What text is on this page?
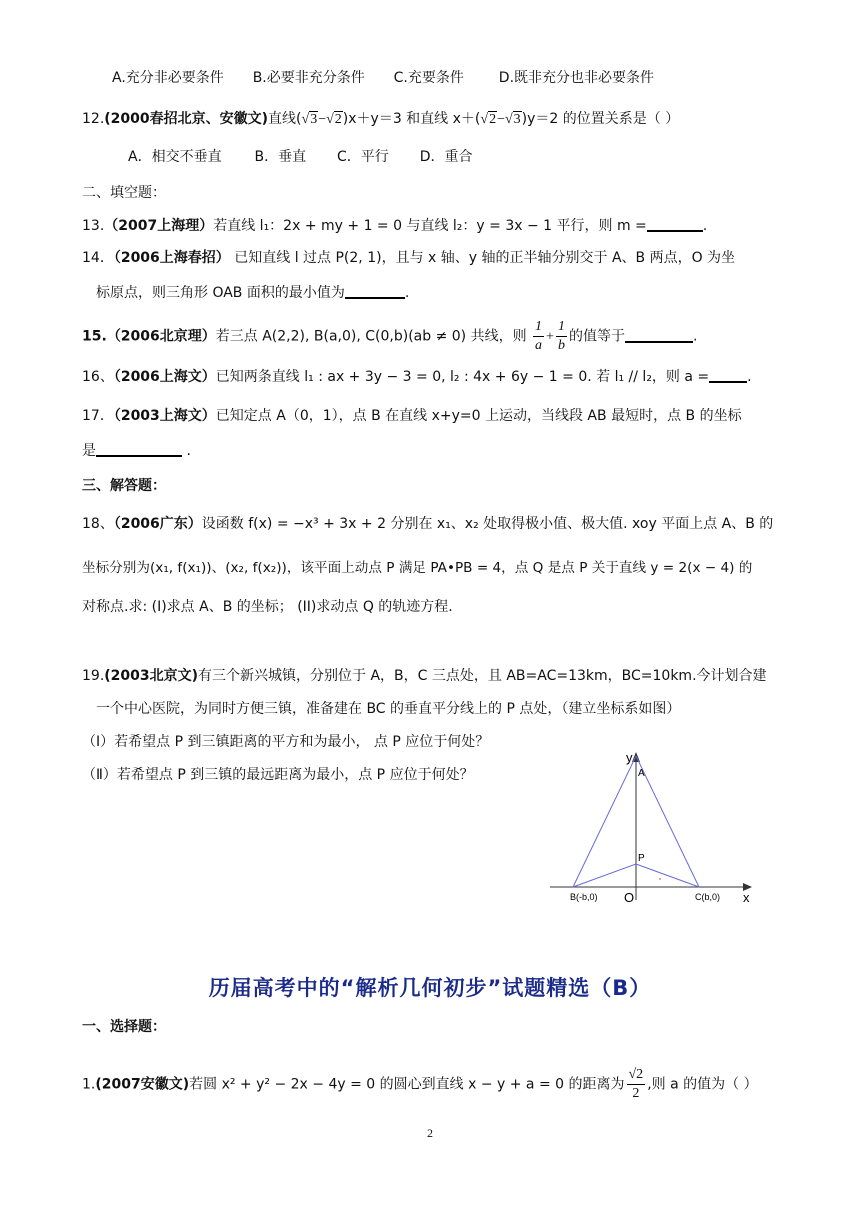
A.充分非必要条件 B.必要非充分条件 C.充要条件 D.既非充分也非必要条件
12.(2000春招北京、安徽文)直线(√3−√2)x＋y＝3 和直线 x＋(√2−√3)y＝2 的位置关系是（ ）
A．相交不垂直 B．垂直 C．平行 D．重合
二、填空题：
13.（2007上海理）若直线 l₁：2x + my + 1 = 0 与直线 l₂：y = 3x − 1 平行，则 m =	.
14．（2006上海春招） 已知直线 l 过点 P(2, 1)，且与 x 轴、y 轴的正半轴分别交于 A、B 两点，O 为坐
标原点，则三角形 OAB 面积的最小值为	.
15.（2006北京理）若三点 A(2,2), B(a,0), C(0,b)(ab ≠ 0) 共线，则 $\frac{1}{a} + \frac{1}{b}$ 的值等于	.
16、（2006上海文）已知两条直线 l₁ : ax + 3y − 3 = 0, l₂ : 4x + 6y − 1 = 0. 若 l₁ // l₂，则 a =	.
17．（2003上海文）已知定点 A（0，1），点 B 在直线 x+y=0 上运动，当线段 AB 最短时，点 B 的坐标
是	.
三、解答题：
18、（2006广东）设函数 f(x) = −x³ + 3x + 2 分别在 x₁、x₂ 处取得极小值、极大值. xoy 平面上点 A、B 的
坐标分别为(x₁, f(x₁))、(x₂, f(x₂))，该平面上动点 P 满足 PA•PB = 4，点 Q 是点 P 关于直线 y = 2(x − 4) 的
对称点.求: (I)求点 A、B 的坐标； (II)求动点 Q 的轨迹方程.
19.(2003北京文)有三个新兴城镇，分别位于 A，B，C 三点处，且 AB=AC=13km，BC=10km.今计划合建
一个中心医院，为同时方便三镇，准备建在 BC 的垂直平分线上的 P 点处，（建立坐标系如图）
（Ⅰ）若希望点 P 到三镇距离的平方和为最小， 点 P 应位于何处？
（Ⅱ）若希望点 P 到三镇的最远距离为最小，点 P 应位于何处？
y
A
P
B(-b,0) O	C(b,0) x
历届高考中的“解析几何初步”试题精选（B）
一、选择题：
1.(2007安徽文)若圆 x² + y² − 2x − 4y = 0 的圆心到直线 x − y + a = 0 的距离为 $\frac{√2}{2}$ ,则 a 的值为（ ）
2
